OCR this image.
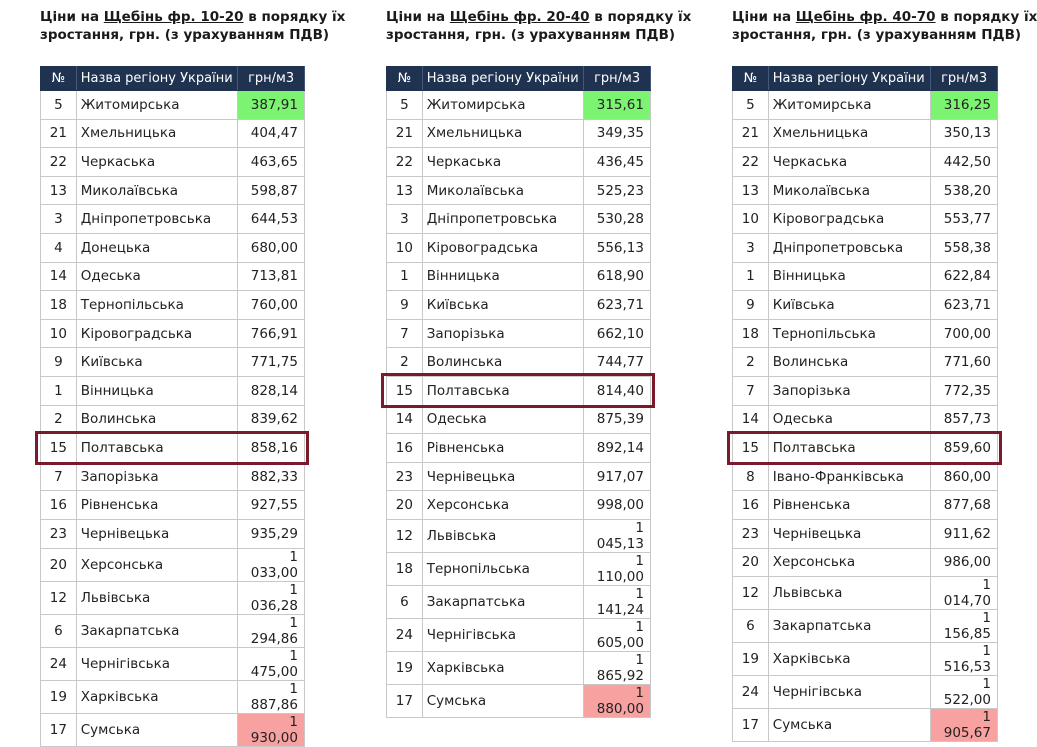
Ціни на Щебінь фр. 10-20 в порядку їх
зростання, грн. (з урахуванням ПДВ)
№	Назва регіону України	грн/м3
5	Житомирська	387,91
21	Хмельницька	404,47
22	Черкаська	463,65
13	Миколаївська	598,87
3	Дніпропетровська	644,53
4	Донецька	680,00
14	Одеська	713,81
18	Тернопільська	760,00
10	Кіровоградська	766,91
9	Київська	771,75
1	Вінницька	828,14
2	Волинська	839,62
15	Полтавська	858,16
7	Запорізька	882,33
16	Рівненська	927,55
23	Чернівецька	935,29
20	Херсонська	1 033,00
12	Львівська	1 036,28
6	Закарпатська	1 294,86
24	Чернігівська	1 475,00
19	Харківська	1 887,86
17	Сумська	1 930,00
Ціни на Щебінь фр. 20-40 в порядку їх
зростання, грн. (з урахуванням ПДВ)
№	Назва регіону України	грн/м3
5	Житомирська	315,61
21	Хмельницька	349,35
22	Черкаська	436,45
13	Миколаївська	525,23
3	Дніпропетровська	530,28
10	Кіровоградська	556,13
1	Вінницька	618,90
9	Київська	623,71
7	Запорізька	662,10
2	Волинська	744,77
15	Полтавська	814,40
14	Одеська	875,39
16	Рівненська	892,14
23	Чернівецька	917,07
20	Херсонська	998,00
12	Львівська	1 045,13
18	Тернопільська	1 110,00
6	Закарпатська	1 141,24
24	Чернігівська	1 605,00
19	Харківська	1 865,92
17	Сумська	1 880,00
Ціни на Щебінь фр. 40-70 в порядку їх
зростання, грн. (з урахуванням ПДВ)
№	Назва регіону України	грн/м3
5	Житомирська	316,25
21	Хмельницька	350,13
22	Черкаська	442,50
13	Миколаївська	538,20
10	Кіровоградська	553,77
3	Дніпропетровська	558,38
1	Вінницька	622,84
9	Київська	623,71
18	Тернопільська	700,00
2	Волинська	771,60
7	Запорізька	772,35
14	Одеська	857,73
15	Полтавська	859,60
8	Івано-Франківська	860,00
16	Рівненська	877,68
23	Чернівецька	911,62
20	Херсонська	986,00
12	Львівська	1 014,70
6	Закарпатська	1 156,85
19	Харківська	1 516,53
24	Чернігівська	1 522,00
17	Сумська	1 905,67
